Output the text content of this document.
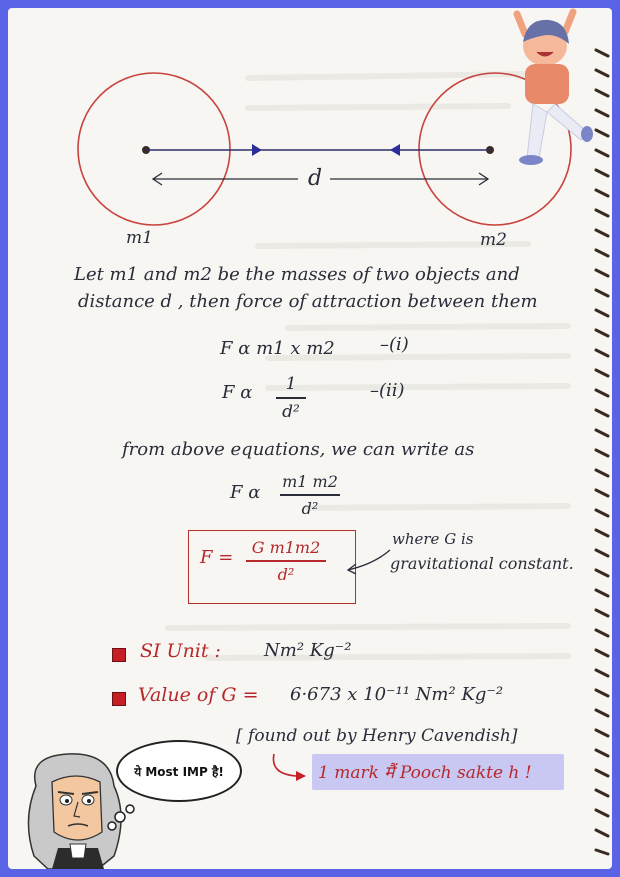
d
m1	m2
Let m1 and m2 be the masses of two objects and
distance d , then force of attraction between them
F α m1 x m2	–(i)
F α 1
d²
–(ii)
from above equations, we can write as
F α
m1 m2
d²
F = G m1m2
d²
where G is
gravitational constant.
SI Unit : Nm² Kg⁻²
Value of G = 6·673 x 10⁻¹¹ Nm² Kg⁻²
[ found out by Henry Cavendish]
1 mark मैं Pooch sakte h !
ये Most IMP है!
